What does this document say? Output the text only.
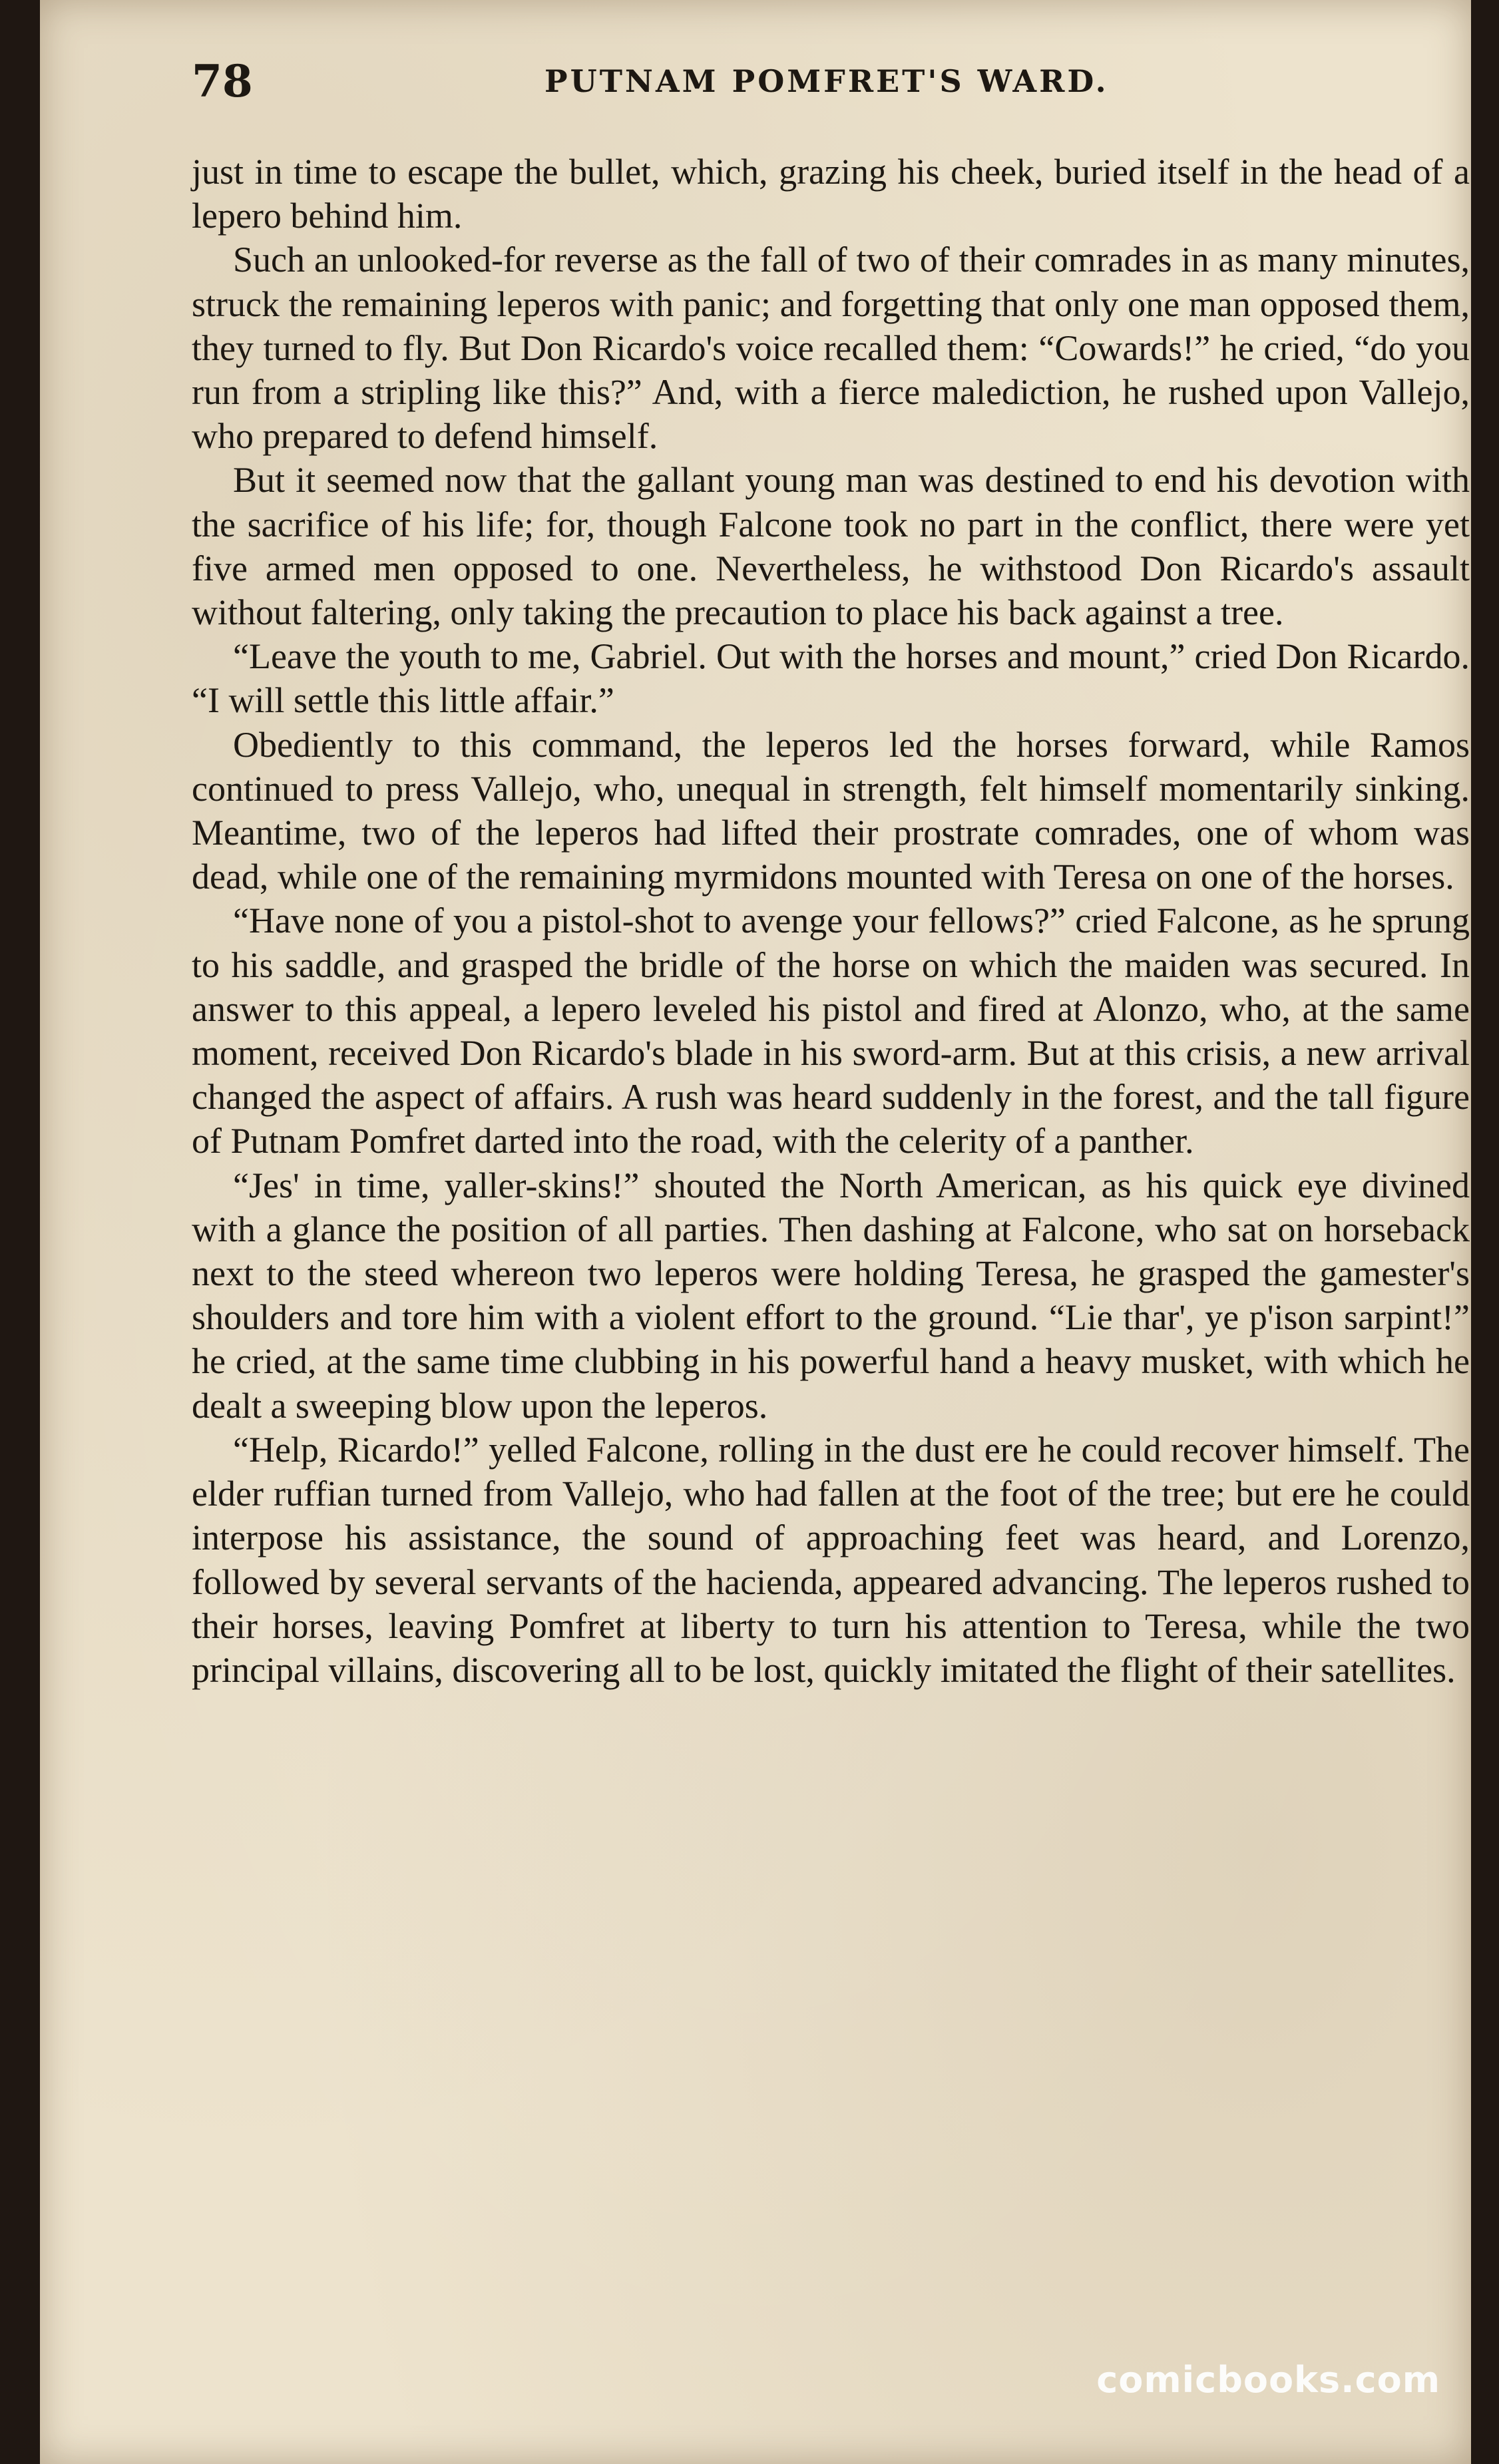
78	PUTNAM POMFRET'S WARD.

just in time to escape the bullet, which, grazing his cheek, buried itself in the head of a lepero behind him.

Such an unlooked-for reverse as the fall of two of their comrades in as many minutes, struck the remaining leperos with panic; and forgetting that only one man opposed them, they turned to fly. But Don Ricardo's voice recalled them: “Cowards!” he cried, “do you run from a stripling like this?” And, with a fierce malediction, he rushed upon Vallejo, who prepared to defend himself.

But it seemed now that the gallant young man was destined to end his devotion with the sacrifice of his life; for, though Falcone took no part in the conflict, there were yet five armed men opposed to one. Nevertheless, he withstood Don Ricardo's assault without faltering, only taking the precaution to place his back against a tree.

“Leave the youth to me, Gabriel. Out with the horses and mount,” cried Don Ricardo. “I will settle this little affair.”

Obediently to this command, the leperos led the horses forward, while Ramos continued to press Vallejo, who, unequal in strength, felt himself momentarily sinking. Meantime, two of the leperos had lifted their prostrate comrades, one of whom was dead, while one of the remaining myrmidons mounted with Teresa on one of the horses.

“Have none of you a pistol-shot to avenge your fellows?” cried Falcone, as he sprung to his saddle, and grasped the bridle of the horse on which the maiden was secured. In answer to this appeal, a lepero leveled his pistol and fired at Alonzo, who, at the same moment, received Don Ricardo's blade in his sword-arm. But at this crisis, a new arrival changed the aspect of affairs. A rush was heard suddenly in the forest, and the tall figure of Putnam Pomfret darted into the road, with the celerity of a panther.

“Jes' in time, yaller-skins!” shouted the North American, as his quick eye divined with a glance the position of all parties. Then dashing at Falcone, who sat on horseback next to the steed whereon two leperos were holding Teresa, he grasped the gamester's shoulders and tore him with a violent effort to the ground. “Lie thar', ye p'ison sarpint!” he cried, at the same time clubbing in his powerful hand a heavy musket, with which he dealt a sweeping blow upon the leperos.

“Help, Ricardo!” yelled Falcone, rolling in the dust ere he could recover himself. The elder ruffian turned from Vallejo, who had fallen at the foot of the tree; but ere he could interpose his assistance, the sound of approaching feet was heard, and Lorenzo, followed by several servants of the hacienda, appeared advancing. The leperos rushed to their horses, leaving Pomfret at liberty to turn his attention to Teresa, while the two principal villains, discovering all to be lost, quickly imitated the flight of their satellites.

comicbooks.com
